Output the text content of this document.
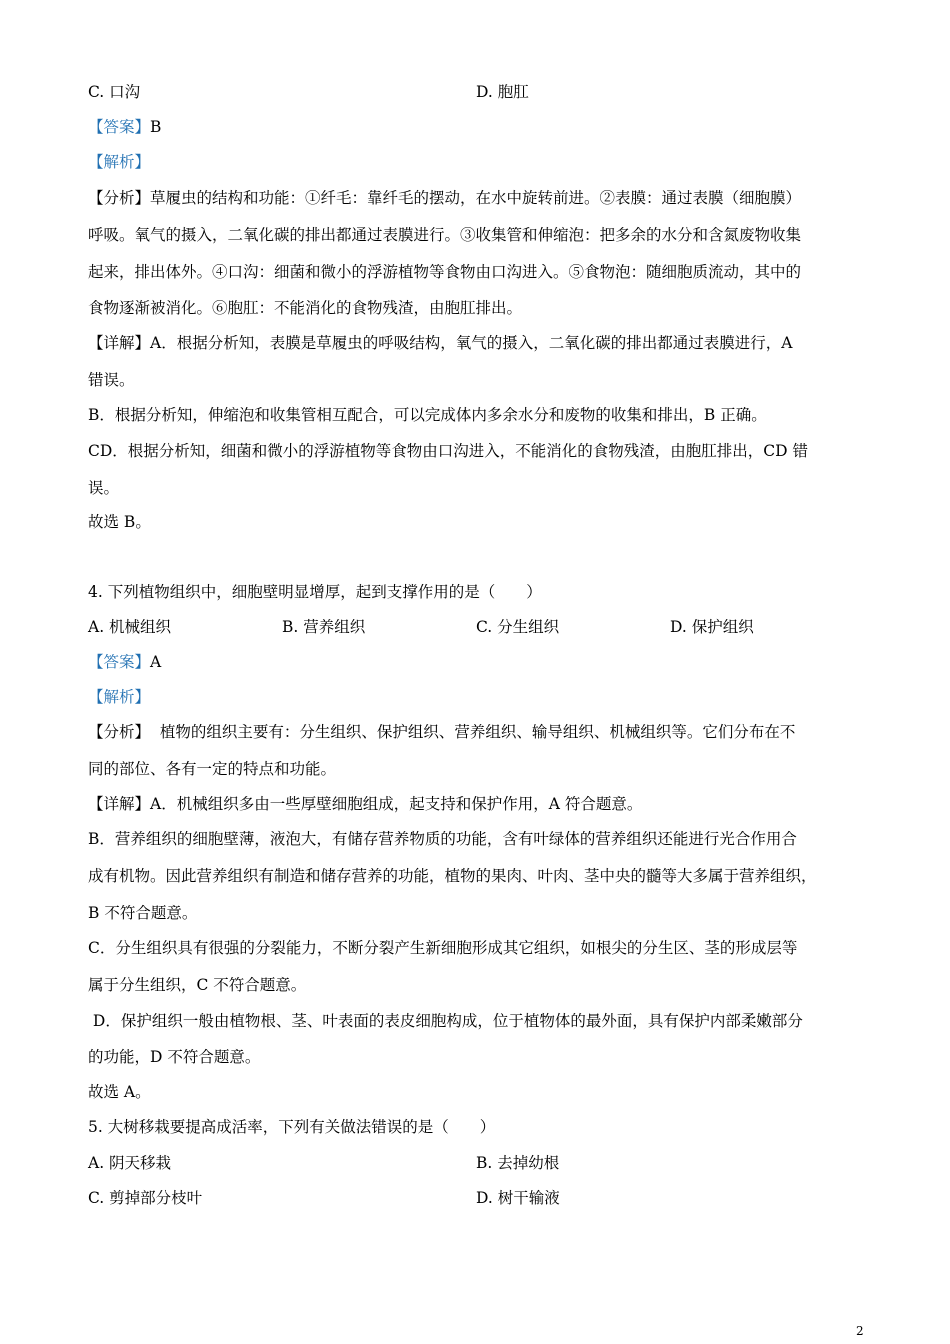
C. 口沟	D. 胞肛
【答案】B
【解析】
【分析】草履虫的结构和功能：①纤毛：靠纤毛的摆动，在水中旋转前进。②表膜：通过表膜（细胞膜）
呼吸。氧气的摄入，二氧化碳的排出都通过表膜进行。③收集管和伸缩泡：把多余的水分和含氮废物收集
起来，排出体外。④口沟：细菌和微小的浮游植物等食物由口沟进入。⑤食物泡：随细胞质流动，其中的
食物逐渐被消化。⑥胞肛：不能消化的食物残渣，由胞肛排出。
【详解】A．根据分析知，表膜是草履虫的呼吸结构，氧气的摄入，二氧化碳的排出都通过表膜进行，A
错误。
B．根据分析知，伸缩泡和收集管相互配合，可以完成体内多余水分和废物的收集和排出，B 正确。
CD．根据分析知，细菌和微小的浮游植物等食物由口沟进入，不能消化的食物残渣，由胞肛排出，CD 错
误。
故选 B。
4. 下列植物组织中，细胞壁明显增厚，起到支撑作用的是（　　）
A. 机械组织	B. 营养组织	C. 分生组织	D. 保护组织
【答案】A
【解析】
【分析】  植物的组织主要有：分生组织、保护组织、营养组织、输导组织、机械组织等。它们分布在不
同的部位、各有一定的特点和功能。
【详解】A．机械组织多由一些厚壁细胞组成，起支持和保护作用，A 符合题意。
B．营养组织的细胞壁薄，液泡大，有储存营养物质的功能，含有叶绿体的营养组织还能进行光合作用合
成有机物。因此营养组织有制造和储存营养的功能，植物的果肉、叶肉、茎中央的髓等大多属于营养组织，
B 不符合题意。
C．分生组织具有很强的分裂能力，不断分裂产生新细胞形成其它组织，如根尖的分生区、茎的形成层等
属于分生组织，C 不符合题意。
D．保护组织一般由植物根、茎、叶表面的表皮细胞构成，位于植物体的最外面，具有保护内部柔嫩部分
的功能，D 不符合题意。
故选 A。
5. 大树移栽要提高成活率，下列有关做法错误的是（　　）
A. 阴天移栽	B. 去掉幼根
C. 剪掉部分枝叶	D. 树干输液
2
